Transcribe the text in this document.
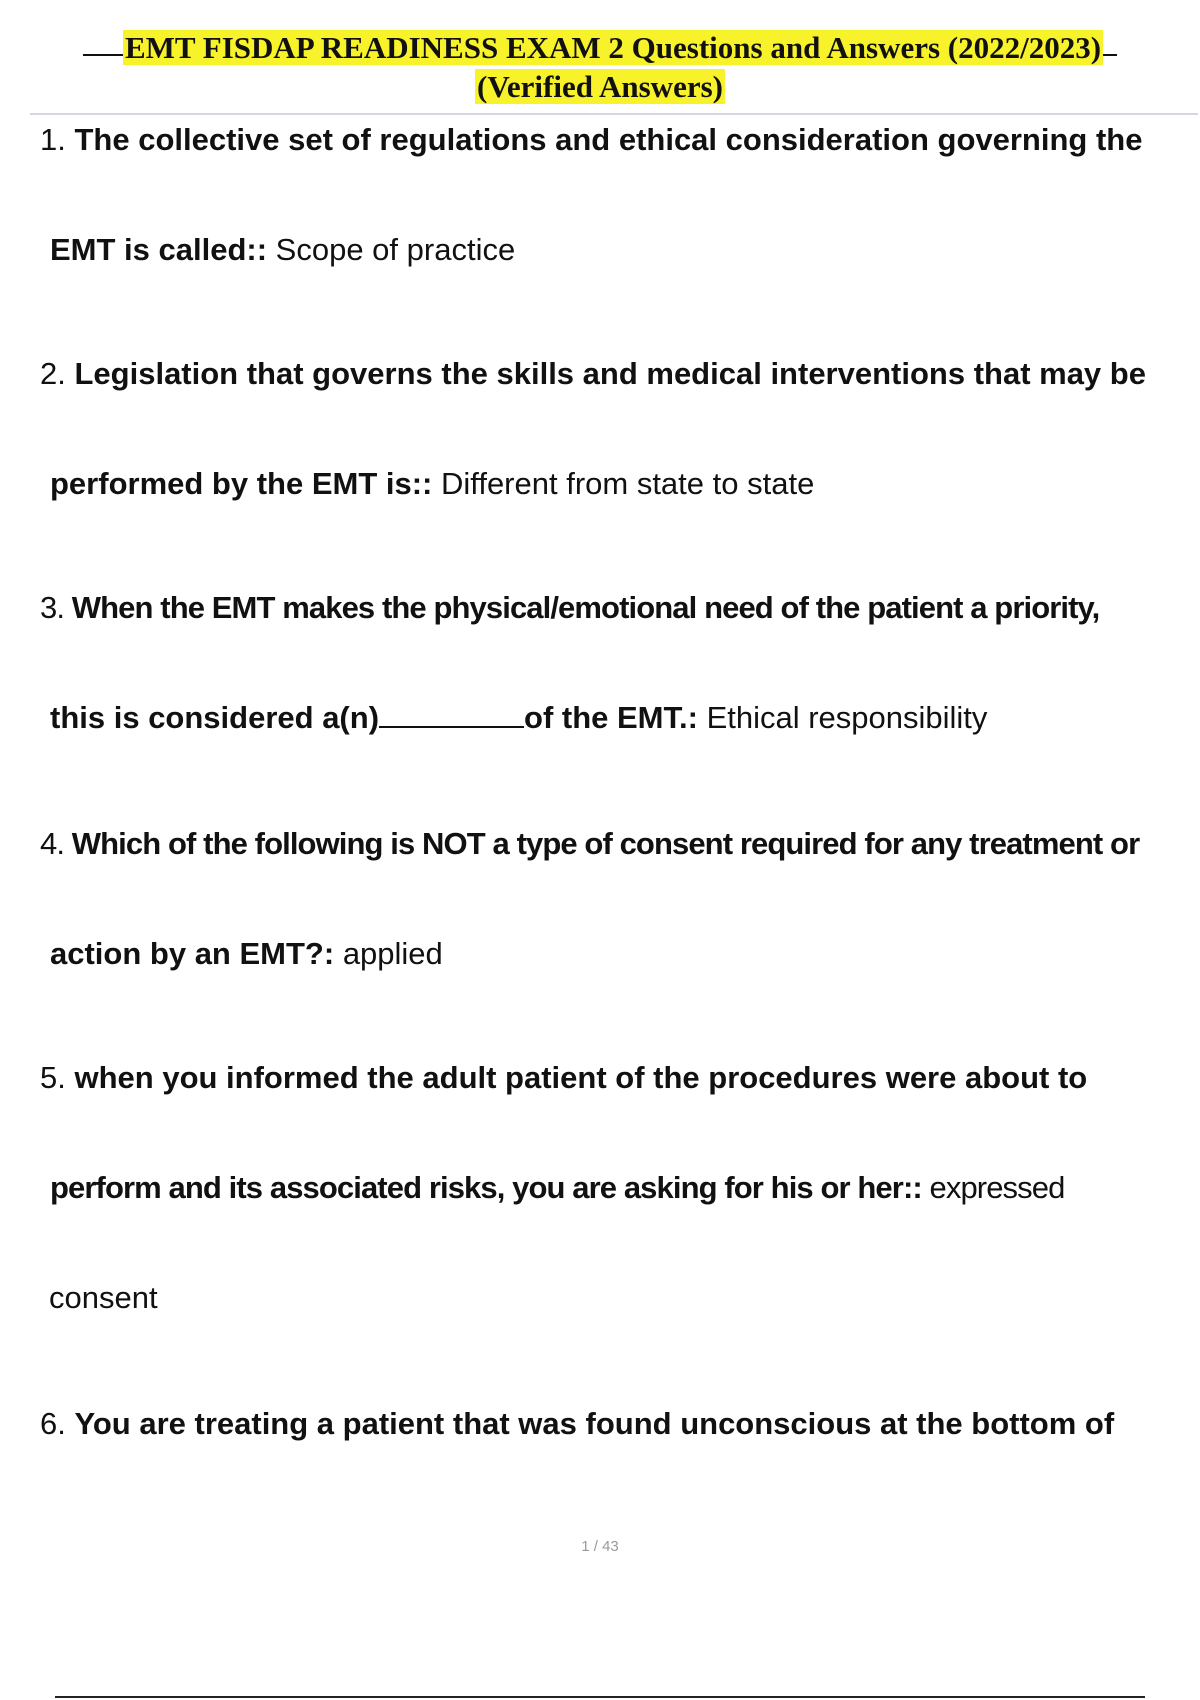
EMT FISDAP READINESS EXAM 2 Questions and Answers (2022/2023)
(Verified Answers)
1. The collective set of regulations and ethical consideration governing the
EMT is called:: Scope of practice
2. Legislation that governs the skills and medical interventions that may be
performed by the EMT is:: Different from state to state
3. When the EMT makes the physical/emotional need of the patient a priority,
this is considered a(n)	of the EMT.: Ethical responsibility
4. Which of the following is NOT a type of consent required for any treatment or
action by an EMT?: applied
5. when you informed the adult patient of the procedures were about to
perform and its associated risks, you are asking for his or her:: expressed
consent
6. You are treating a patient that was found unconscious at the bottom of
1 / 43
